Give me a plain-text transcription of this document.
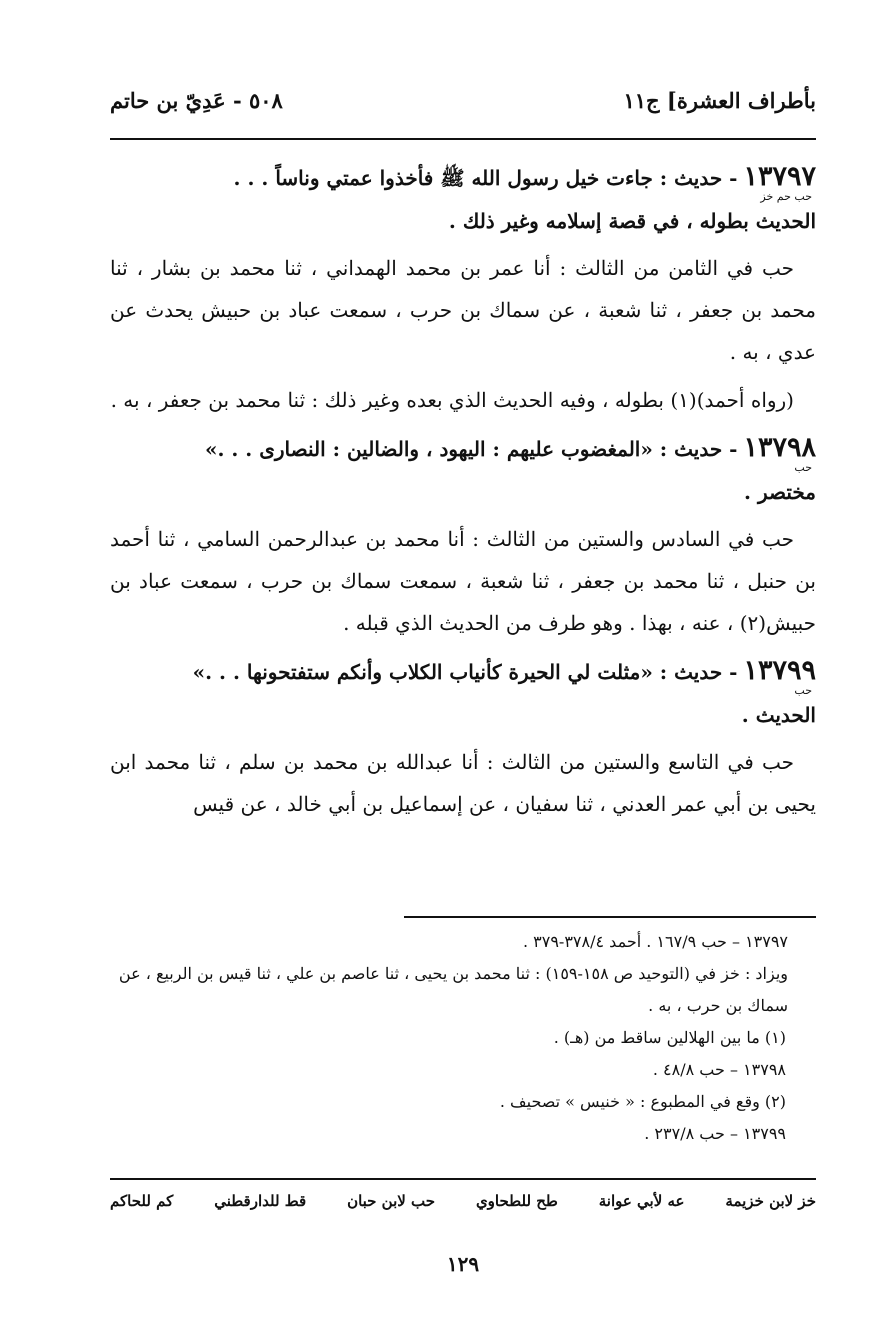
بأطراف العشرة] ج١١
٥٠٨ - عَدِيّ بن حاتم
١٣٧٩٧- حديث : جاءت خيل رسول الله ﷺ فأخذوا عمتي وناساً . . .
حب حم خز
الحديث بطوله ، في قصة إسلامه وغير ذلك .

حب في الثامن من الثالث : أنا عمر بن محمد الهمداني ، ثنا محمد بن بشار ، ثنا محمد بن جعفر ، ثنا شعبة ، عن سماك بن حرب ، سمعت عباد بن حبيش يحدث عن عدي ، به .

(رواه أحمد)(١) بطوله ، وفيه الحديث الذي بعده وغير ذلك : ثنا محمد بن جعفر ، به .

١٣٧٩٨- حديث : «المغضوب عليهم : اليهود ، والضالين : النصارى . . .»
حب
مختصر .

حب في السادس والستين من الثالث : أنا محمد بن عبدالرحمن السامي ، ثنا أحمد بن حنبل ، ثنا محمد بن جعفر ، ثنا شعبة ، سمعت سماك بن حرب ، سمعت عباد بن حبيش(٢) ، عنه ، بهذا . وهو طرف من الحديث الذي قبله .

١٣٧٩٩- حديث : «مثلت لي الحيرة كأنياب الكلاب وأنكم ستفتحونها . . .»
حب
الحديث .

حب في التاسع والستين من الثالث : أنا عبدالله بن محمد بن سلم ، ثنا محمد ابن يحيى بن أبي عمر العدني ، ثنا سفيان ، عن إسماعيل بن أبي خالد ، عن قيس

١٣٧٩٧ – حب ١٦٧/٩ . أحمد ٣٧٨/٤-٣٧٩ .

ويزاد : خز في (التوحيد ص ١٥٨-١٥٩) : ثنا محمد بن يحيى ، ثنا عاصم بن علي ، ثنا قيس بن الربيع ، عن سماك بن حرب ، به .

(١) ما بين الهلالين ساقط من (هـ) .

١٣٧٩٨ – حب ٤٨/٨ .

(٢) وقع في المطبوع : « خنيس » تصحيف .

١٣٧٩٩ – حب ٢٣٧/٨ .

خز لابن خزيمة
عه لأبي عوانة
طح للطحاوي
حب لابن حبان
قط للدارقطني
كم للحاكم
١٢٩
